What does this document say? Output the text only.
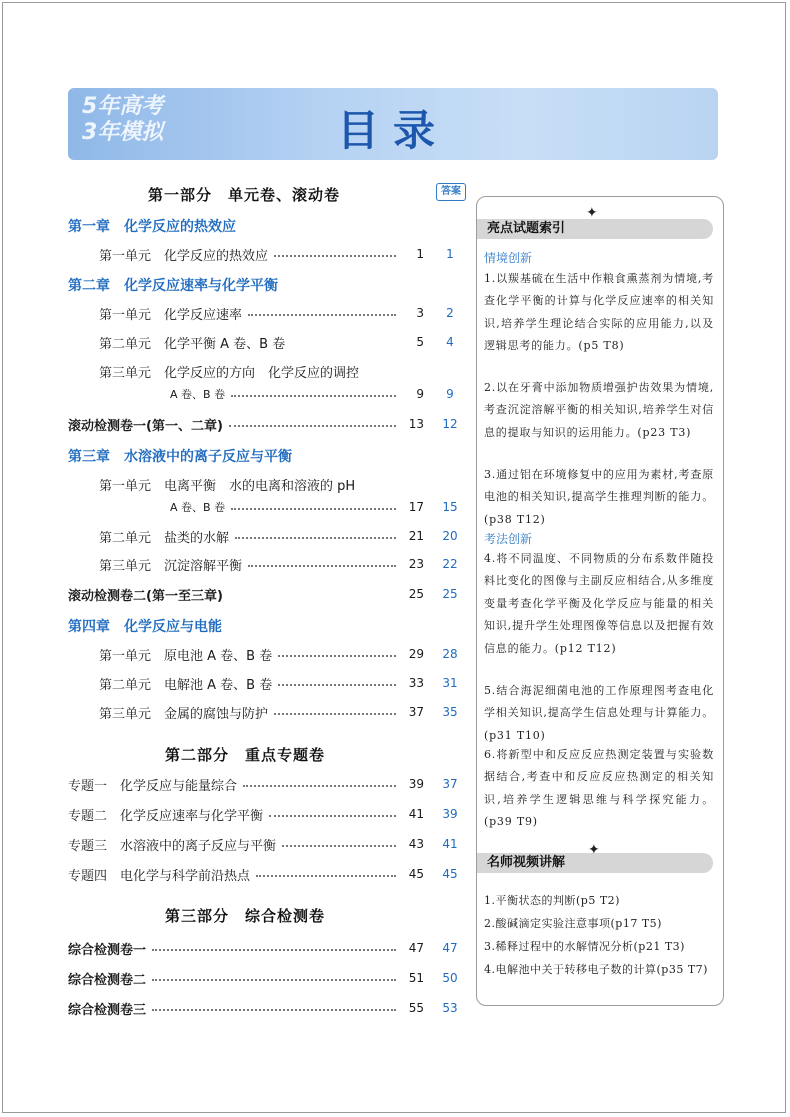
5年高考
3年模拟	目录
第一部分　单元卷、滚动卷	答案
第一章　化学反应的热效应
第一单元　化学反应的热效应	1	1
第二章　化学反应速率与化学平衡
第一单元　化学反应速率	3	2
第二单元　化学平衡 A 卷、B 卷	5	4
第三单元　化学反应的方向　化学反应的调控
A 卷、B 卷	9	9
滚动检测卷一(第一、二章)	13	12
第三章　水溶液中的离子反应与平衡
第一单元　电离平衡　水的电离和溶液的 pH
A 卷、B 卷	17	15
第二单元　盐类的水解	21	20
第三单元　沉淀溶解平衡	23	22
滚动检测卷二(第一至三章)	25	25
第四章　化学反应与电能
第一单元　原电池 A 卷、B 卷	29	28
第二单元　电解池 A 卷、B 卷	33	31
第三单元　金属的腐蚀与防护	37	35
第二部分　重点专题卷
专题一　化学反应与能量综合	39	37
专题二　化学反应速率与化学平衡	41	39
专题三　水溶液中的离子反应与平衡	43	41
专题四　电化学与科学前沿热点	45	45
第三部分　综合检测卷
综合检测卷一	47	47
综合检测卷二	51	50
综合检测卷三	55	53
亮点试题索引
名师视频讲解
✦
✦
情境创新
1.以羰基硫在生活中作粮食熏蒸剂为情境,考查化学平衡的计算与化学反应速率的相关知识,培养学生理论结合实际的应用能力,以及逻辑思考的能力。(p5 T8)
2.以在牙膏中添加物质增强护齿效果为情境,考查沉淀溶解平衡的相关知识,培养学生对信息的提取与知识的运用能力。(p23 T3)
3.通过铝在环境修复中的应用为素材,考查原电池的相关知识,提高学生推理判断的能力。(p38 T12)
考法创新
4.将不同温度、不同物质的分布系数伴随投料比变化的图像与主副反应相结合,从多维度变量考查化学平衡及化学反应与能量的相关知识,提升学生处理图像等信息以及把握有效信息的能力。(p12 T12)
5.结合海泥细菌电池的工作原理图考查电化学相关知识,提高学生信息处理与计算能力。(p31 T10)
6.将新型中和反应反应热测定装置与实验数据结合,考查中和反应反应热测定的相关知识,培养学生逻辑思维与科学探究能力。(p39 T9)
1.平衡状态的判断(p5 T2)
2.酸碱滴定实验注意事项(p17 T5)
3.稀释过程中的水解情况分析(p21 T3)
4.电解池中关于转移电子数的计算(p35 T7)
